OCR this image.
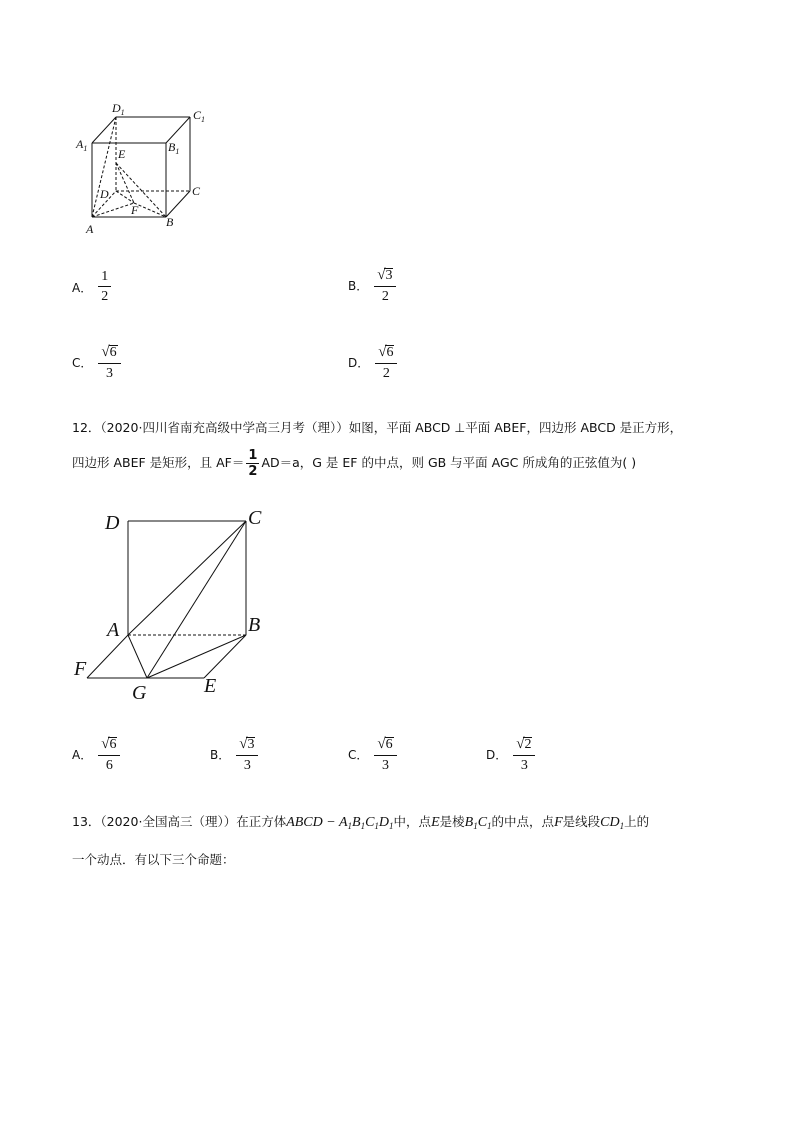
$D_1$	$C_1$
$A_1$	$B_1$
E
D	C
F
A	B
A． $\frac{1}{2}$	B． $\frac{√ 3}{2}$
C． $\frac{√ 6}{3}$	D． $\frac{√ 6}{2}$
12．（2020·四川省南充高级中学高三月考（理））如图，平面 ABCD ⊥平面 ABEF，四边形 ABCD 是正方形，
四边形 ABEF 是矩形，且 $AF= \frac{1}{2} AD=a$，G 是 EF 的中点，则 GB 与平面 AGC 所成角的正弦值为( )
D	C
A	B
F
G	E
A． $\frac{√ 6}{6}$	B． $\frac{√ 3}{3}$	C． $\frac{√ 6}{3}$	D． $\frac{√ 2}{3}$
13．（2020·全国高三（理））在正方体ABCD − $A_1B_1C_1D_1$中，点E是棱$B_1C_1$的中点，点F是线段$CD_1$上的
一个动点．有以下三个命题：
